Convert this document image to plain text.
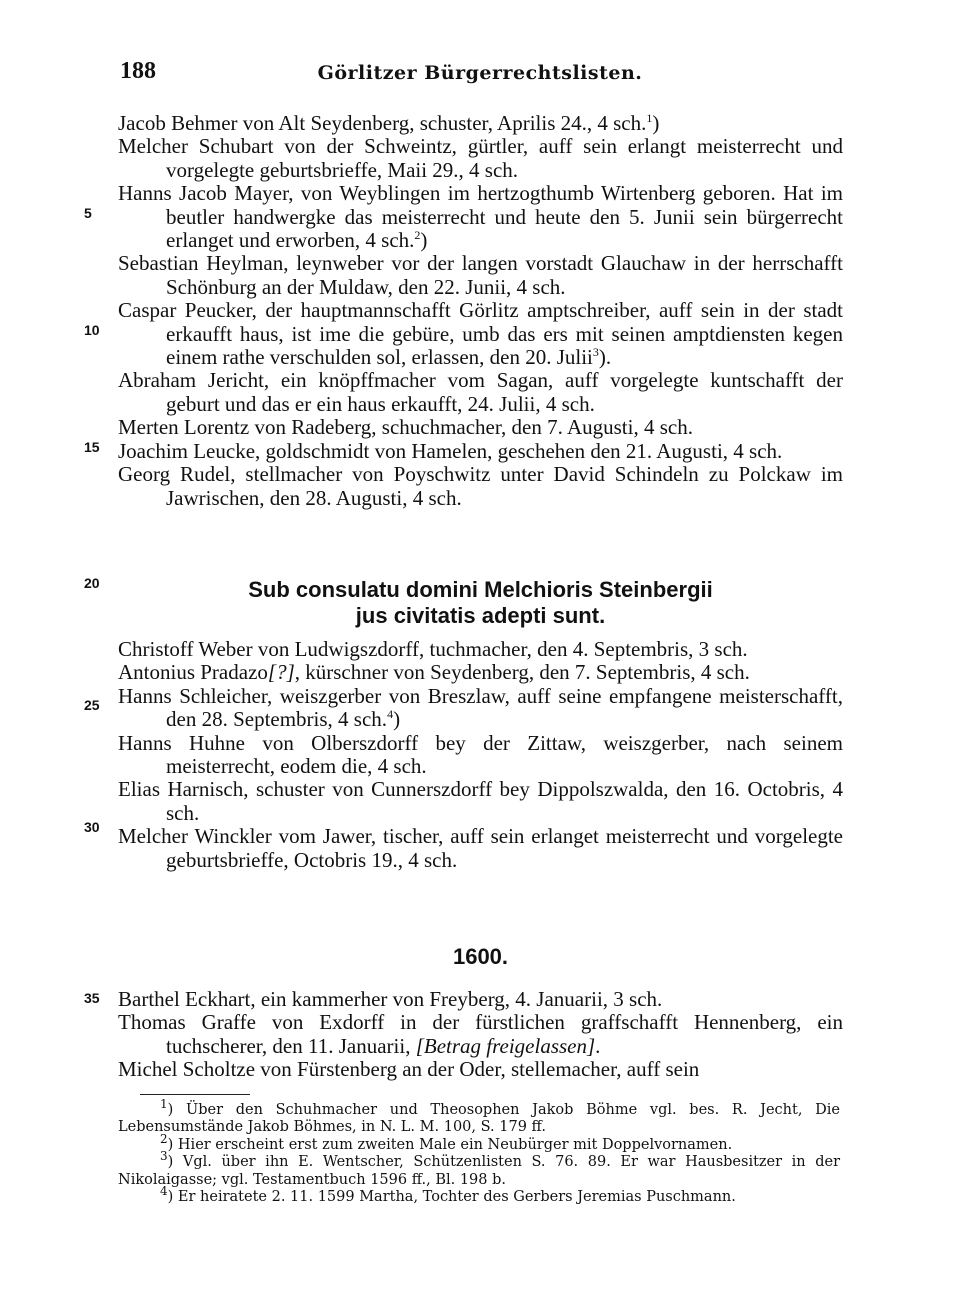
188	Görlitzer Bürgerrechtslisten.
5
10
15
20
25
30
35

Jacob Behmer von Alt Seydenberg, schuster, Aprilis 24., 4 sch.$^1$)

Melcher Schubart von der Schweintz, gürtler, auff sein erlangt meisterrecht und vorgelegte geburtsbrieffe, Maii 29., 4 sch.

Hanns Jacob Mayer, von Weyblingen im hertzogthumb Wirtenberg geboren. Hat im beutler handwergke das meisterrecht und heute den 5. Junii sein bürgerrecht erlanget und erworben, 4 sch.$^2$)

Sebastian Heylman, leynweber vor der langen vorstadt Glauchaw in der herrschafft Schönburg an der Muldaw, den 22. Junii, 4 sch.

Caspar Peucker, der hauptmannschafft Görlitz amptschreiber, auff sein in der stadt erkaufft haus, ist ime die gebüre, umb das ers mit seinen amptdiensten kegen einem rathe verschulden sol, erlassen, den 20. Julii$^3$).

Abraham Jericht, ein knöpffmacher vom Sagan, auff vorgelegte kuntschafft der geburt und das er ein haus erkaufft, 24. Julii, 4 sch.

Merten Lorentz von Radeberg, schuchmacher, den 7. Augusti, 4 sch.

Joachim Leucke, goldschmidt von Hamelen, geschehen den 21. Augusti, 4 sch.

Georg Rudel, stellmacher von Poyschwitz unter David Schindeln zu Polckaw im Jawrischen, den 28. Augusti, 4 sch.

Sub consulatu domini Melchioris Steinbergii
jus civitatis adepti sunt.

Christoff Weber von Ludwigszdorff, tuchmacher, den 4. Septembris, 3 sch.

Antonius Pradazo[?], kürschner von Seydenberg, den 7. Septembris, 4 sch.

Hanns Schleicher, weiszgerber von Breszlaw, auff seine empfangene meisterschafft, den 28. Septembris, 4 sch.$^4$)

Hanns Huhne von Olberszdorff bey der Zittaw, weiszgerber, nach seinem meisterrecht, eodem die, 4 sch.

Elias Harnisch, schuster von Cunnerszdorff bey Dippolszwalda, den 16. Octobris, 4 sch.

Melcher Winckler vom Jawer, tischer, auff sein erlanget meisterrecht und vorgelegte geburtsbrieffe, Octobris 19., 4 sch.

1600.

Barthel Eckhart, ein kammerher von Freyberg, 4. Januarii, 3 sch.

Thomas Graffe von Exdorff in der fürstlichen graffschafft Hennenberg, ein tuchscherer, den 11. Januarii, [Betrag freigelassen].

Michel Scholtze von Fürstenberg an der Oder, stellemacher, auff sein

$^1$) Über den Schuhmacher und Theosophen Jakob Böhme vgl. bes. R. Jecht, Die Lebensumstände Jakob Böhmes, in N. L. M. 100, S. 179 ff.

$^2$) Hier erscheint erst zum zweiten Male ein Neubürger mit Doppelvornamen.

$^3$) Vgl. über ihn E. Wentscher, Schützenlisten S. 76. 89. Er war Hausbesitzer in der Nikolaigasse; vgl. Testamentbuch 1596 ff., Bl. 198 b.

$^4$) Er heiratete 2. 11. 1599 Martha, Tochter des Gerbers Jeremias Puschmann.
